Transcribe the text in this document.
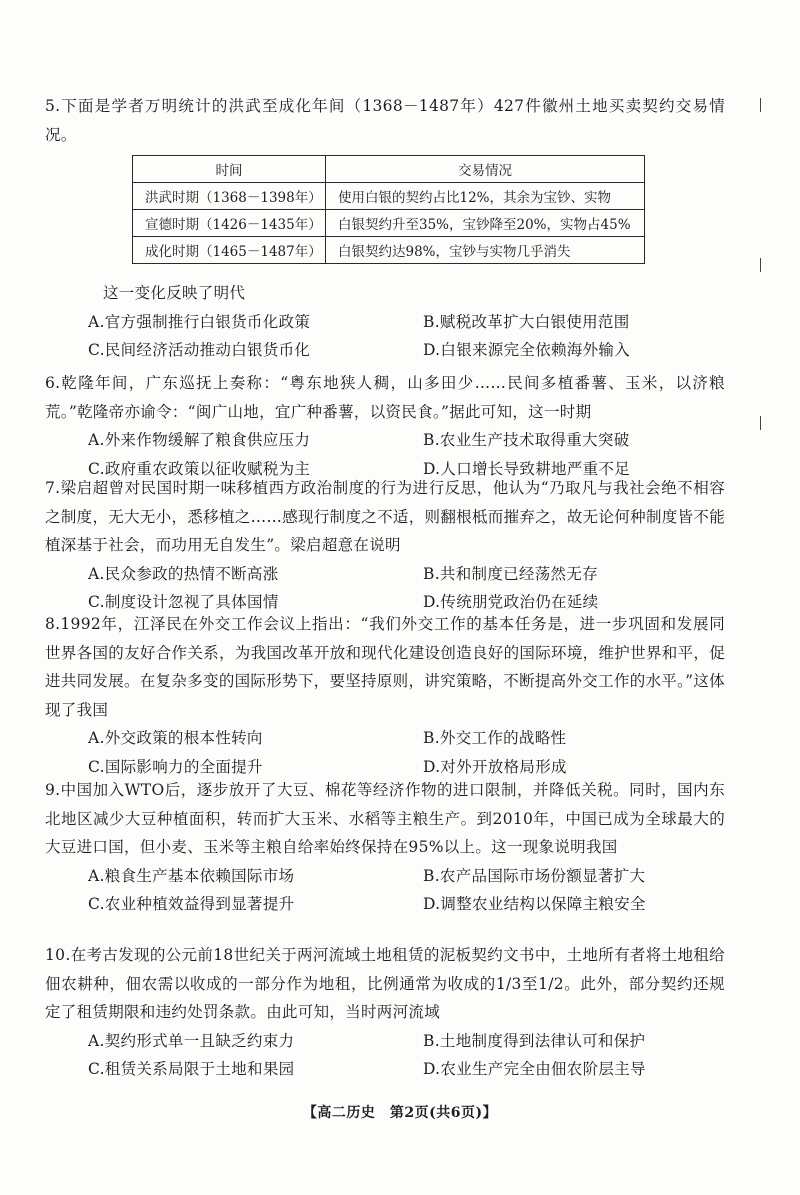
5.下面是学者万明统计的洪武至成化年间（1368－1487年）427件徽州土地买卖契约交易情况。

时间	交易情况
洪武时期（1368－1398年）	使用白银的契约占比12%，其余为宝钞、实物
宣德时期（1426－1435年）	白银契约升至35%，宝钞降至20%，实物占45%
成化时期（1465－1487年）	白银契约达98%，宝钞与实物几乎消失

这一变化反映了明代

A.官方强制推行白银货币化政策	B.赋税改革扩大白银使用范围
C.民间经济活动推动白银货币化	D.白银来源完全依赖海外输入

6.乾隆年间，广东巡抚上奏称：“粤东地狭人稠，山多田少……民间多植番薯、玉米，以济粮荒。”乾隆帝亦谕令：“闽广山地，宜广种番薯，以资民食。”据此可知，这一时期

A.外来作物缓解了粮食供应压力	B.农业生产技术取得重大突破
C.政府重农政策以征收赋税为主	D.人口增长导致耕地严重不足

7.梁启超曾对民国时期一味移植西方政治制度的行为进行反思，他认为“乃取凡与我社会绝不相容之制度，无大无小，悉移植之……感现行制度之不适，则翻根柢而摧弃之，故无论何种制度皆不能植深基于社会，而功用无自发生”。梁启超意在说明

A.民众参政的热情不断高涨	B.共和制度已经荡然无存
C.制度设计忽视了具体国情	D.传统朋党政治仍在延续

8.1992年，江泽民在外交工作会议上指出：“我们外交工作的基本任务是，进一步巩固和发展同世界各国的友好合作关系，为我国改革开放和现代化建设创造良好的国际环境，维护世界和平，促进共同发展。在复杂多变的国际形势下，要坚持原则，讲究策略，不断提高外交工作的水平。”这体现了我国

A.外交政策的根本性转向	B.外交工作的战略性
C.国际影响力的全面提升	D.对外开放格局形成

9.中国加入WTO后，逐步放开了大豆、棉花等经济作物的进口限制，并降低关税。同时，国内东北地区减少大豆种植面积，转而扩大玉米、水稻等主粮生产。到2010年，中国已成为全球最大的大豆进口国，但小麦、玉米等主粮自给率始终保持在95%以上。这一现象说明我国

A.粮食生产基本依赖国际市场	B.农产品国际市场份额显著扩大
C.农业种植效益得到显著提升	D.调整农业结构以保障主粮安全

10.在考古发现的公元前18世纪关于两河流域土地租赁的泥板契约文书中，土地所有者将土地租给佃农耕种，佃农需以收成的一部分作为地租，比例通常为收成的1/3至1/2。此外，部分契约还规定了租赁期限和违约处罚条款。由此可知，当时两河流域

A.契约形式单一且缺乏约束力	B.土地制度得到法律认可和保护
C.租赁关系局限于土地和果园	D.农业生产完全由佃农阶层主导
【高二历史　第2页(共6页)】
